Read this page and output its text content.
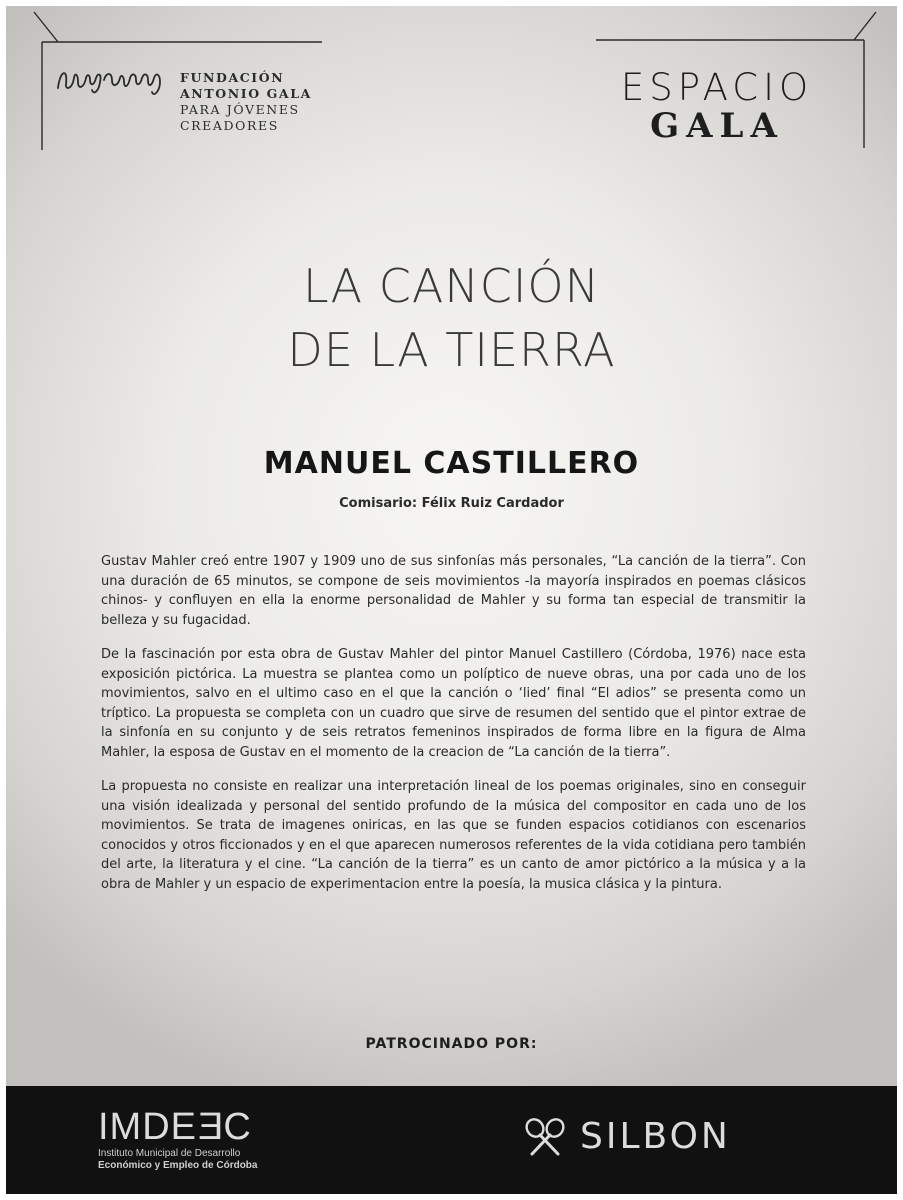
FUNDACIÓN
ANTONIO GALA
PARA JÓVENES
CREADORES
ESPACIO
GALA
LA CANCIÓN
DE LA TIERRA
MANUEL CASTILLERO
Comisario: Félix Ruiz Cardador

Gustav Mahler creó entre 1907 y 1909 uno de sus sinfonías más personales, “La canción de la tierra”. Con una duración de 65 minutos, se compone de seis movimientos -la mayoría inspirados en poemas clásicos chinos- y confluyen en ella la enorme personalidad de Mahler y su forma tan especial de transmitir la belleza y su fugacidad.

De la fascinación por esta obra de Gustav Mahler del pintor Manuel Castillero (Córdoba, 1976) nace esta exposición pictórica. La muestra se plantea como un políptico de nueve obras, una por cada uno de los movimientos, salvo en el ultimo caso en el que la canción o ‘lied’ final “El adios” se presenta como un tríptico. La propuesta se completa con un cuadro que sirve de resumen del sentido que el pintor extrae de la sinfonía en su conjunto y de seis retratos femeninos inspirados de forma libre en la figura de Alma Mahler, la esposa de Gustav en el momento de la creacion de “La canción de la tierra”.

La propuesta no consiste en realizar una interpretación lineal de los poemas originales, sino en conseguir una visión idealizada y personal del sentido profundo de la música del compositor en cada uno de los movimientos. Se trata de imagenes oniricas, en las que se funden espacios cotidianos con escenarios conocidos y otros ficcionados y en el que aparecen numerosos referentes de la vida cotidiana pero también del arte, la literatura y el cine. “La canción de la tierra” es un canto de amor pictórico a la música y a la obra de Mahler y un espacio de experimentacion entre la poesía, la musica clásica y la pintura.

PATROCINADO POR:
IMDEEC
Instituto Municipal de Desarrollo
Económico y Empleo de Córdoba
SILBON
